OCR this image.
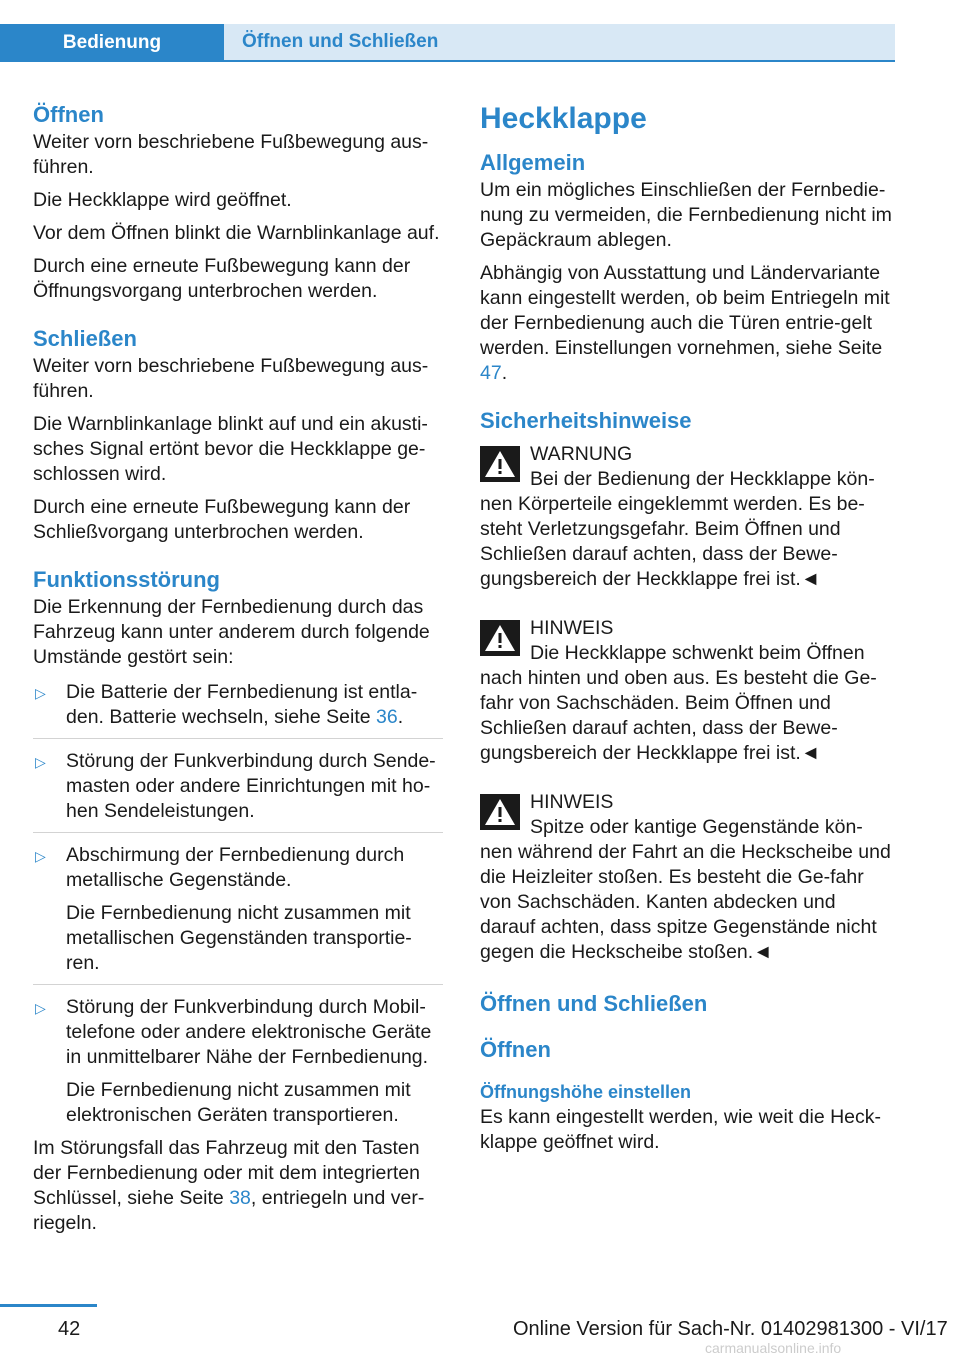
Bedienung	Öffnen und Schließen
Öffnen

Weiter vorn beschriebene Fußbewegung aus-führen.

Die Heckklappe wird geöffnet.

Vor dem Öffnen blinkt die Warnblinkanlage auf.

Durch eine erneute Fußbewegung kann der Öffnungsvorgang unterbrochen werden.

Schließen

Weiter vorn beschriebene Fußbewegung aus-führen.

Die Warnblinkanlage blinkt auf und ein akusti-sches Signal ertönt bevor die Heckklappe ge-schlossen wird.

Durch eine erneute Fußbewegung kann der Schließvorgang unterbrochen werden.

Funktionsstörung

Die Erkennung der Fernbedienung durch das Fahrzeug kann unter anderem durch folgende Umstände gestört sein:

▷ Die Batterie der Fernbedienung ist entla-den. Batterie wechseln, siehe Seite 36.

▷ Störung der Funkverbindung durch Sende-masten oder andere Einrichtungen mit ho-hen Sendeleistungen.

▷ Abschirmung der Fernbedienung durch metallische Gegenstände.

Die Fernbedienung nicht zusammen mit metallischen Gegenständen transportie-ren.

▷ Störung der Funkverbindung durch Mobil-telefone oder andere elektronische Geräte in unmittelbarer Nähe der Fernbedienung.

Die Fernbedienung nicht zusammen mit elektronischen Geräten transportieren.

Im Störungsfall das Fahrzeug mit den Tasten der Fernbedienung oder mit dem integrierten Schlüssel, siehe Seite 38, entriegeln und ver-riegeln.

Heckklappe
Allgemein

Um ein mögliches Einschließen der Fernbedie-nung zu vermeiden, die Fernbedienung nicht im Gepäckraum ablegen.

Abhängig von Ausstattung und Ländervariante kann eingestellt werden, ob beim Entriegeln mit der Fernbedienung auch die Türen entrie-gelt werden. Einstellungen vornehmen, siehe Seite 47.

Sicherheitshinweise
WARNUNG
Bei der Bedienung der Heckklappe kön-nen Körperteile eingeklemmt werden. Es be-steht Verletzungsgefahr. Beim Öffnen und Schließen darauf achten, dass der Bewe-gungsbereich der Heckklappe frei ist.◄
HINWEIS
Die Heckklappe schwenkt beim Öffnen nach hinten und oben aus. Es besteht die Ge-fahr von Sachschäden. Beim Öffnen und Schließen darauf achten, dass der Bewe-gungsbereich der Heckklappe frei ist.◄
HINWEIS
Spitze oder kantige Gegenstände kön-nen während der Fahrt an die Heckscheibe und die Heizleiter stoßen. Es besteht die Ge-fahr von Sachschäden. Kanten abdecken und darauf achten, dass spitze Gegenstände nicht gegen die Heckscheibe stoßen.◄
Öffnen und Schließen
Öffnen
Öffnungshöhe einstellen

Es kann eingestellt werden, wie weit die Heck-klappe geöffnet wird.

42	Online Version für Sach-Nr. 01402981300 - VI/17
carmanualsonline.info
